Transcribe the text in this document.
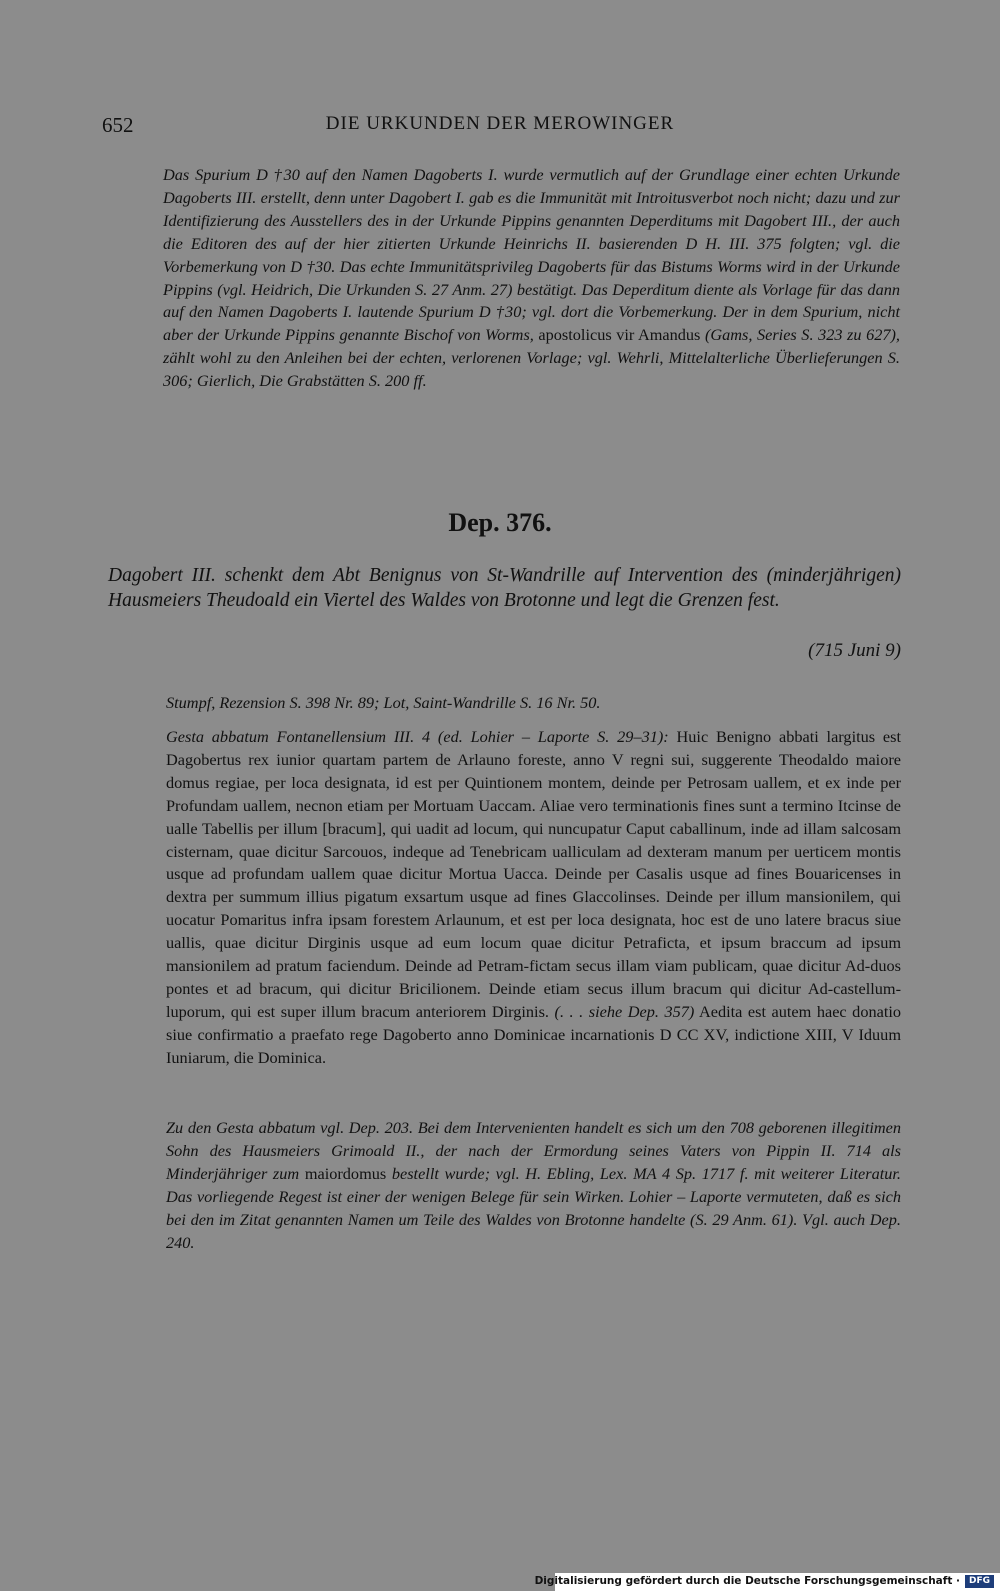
652	DIE URKUNDEN DER MEROWINGER
Das Spurium D †30 auf den Namen Dagoberts I. wurde vermutlich auf der Grundlage einer echten Urkunde Dagoberts III. erstellt, denn unter Dagobert I. gab es die Immunität mit Introitusverbot noch nicht; dazu und zur Identifizierung des Ausstellers des in der Urkunde Pippins genannten Deperditums mit Dagobert III., der auch die Editoren des auf der hier zitierten Urkunde Heinrichs II. basierenden D H. III. 375 folgten; vgl. die Vorbemerkung von D †30. Das echte Immunitätsprivileg Dagoberts für das Bistums Worms wird in der Urkunde Pippins (vgl. Heidrich, Die Urkunden S. 27 Anm. 27) bestätigt. Das Deperditum diente als Vorlage für das dann auf den Namen Dagoberts I. lautende Spurium D †30; vgl. dort die Vorbemerkung. Der in dem Spurium, nicht aber der Urkunde Pippins genannte Bischof von Worms, apostolicus vir Amandus (Gams, Series S. 323 zu 627), zählt wohl zu den Anleihen bei der echten, verlorenen Vorlage; vgl. Wehrli, Mittelalterliche Überlieferungen S. 306; Gierlich, Die Grabstätten S. 200 ff.
Dep. 376.
Dagobert III. schenkt dem Abt Benignus von St-Wandrille auf Intervention des (minderjährigen) Hausmeiers Theudoald ein Viertel des Waldes von Brotonne und legt die Grenzen fest.
(715 Juni 9)
Stumpf, Rezension S. 398 Nr. 89; Lot, Saint-Wandrille S. 16 Nr. 50.
Gesta abbatum Fontanellensium III. 4 (ed. Lohier – Laporte S. 29–31): Huic Benigno abbati largitus est Dagobertus rex iunior quartam partem de Arlauno foreste, anno V regni sui, suggerente Theodaldo maiore domus regiae, per loca designata, id est per Quintionem montem, deinde per Petrosam uallem, et ex inde per Profundam uallem, necnon etiam per Mortuam Uaccam. Aliae vero terminationis fines sunt a termino Itcinse de ualle Tabellis per illum [bracum], qui uadit ad locum, qui nuncupatur Caput caballinum, inde ad illam salcosam cisternam, quae dicitur Sarcouos, indeque ad Tenebricam ualliculam ad dexteram manum per uerticem montis usque ad profundam uallem quae dicitur Mortua Uacca. Deinde per Casalis usque ad fines Bouaricenses in dextra per summum illius pigatum exsartum usque ad fines Glaccolinses. Deinde per illum mansionilem, qui uocatur Pomaritus infra ipsam forestem Arlaunum, et est per loca designata, hoc est de uno latere bracus siue uallis, quae dicitur Dirginis usque ad eum locum quae dicitur Petraficta, et ipsum braccum ad ipsum mansionilem ad pratum faciendum. Deinde ad Petram-fictam secus illam viam publicam, quae dicitur Ad-duos pontes et ad bracum, qui dicitur Bricilionem. Deinde etiam secus illum bracum qui dicitur Ad-castellum-luporum, qui est super illum bracum anteriorem Dirginis. (. . . siehe Dep. 357) Aedita est autem haec donatio siue confirmatio a praefato rege Dagoberto anno Dominicae incarnationis D CC XV, indictione XIII, V Iduum Iuniarum, die Dominica.
Zu den Gesta abbatum vgl. Dep. 203. Bei dem Intervenienten handelt es sich um den 708 geborenen illegitimen Sohn des Hausmeiers Grimoald II., der nach der Ermordung seines Vaters von Pippin II. 714 als Minderjähriger zum maiordomus bestellt wurde; vgl. H. Ebling, Lex. MA 4 Sp. 1717 f. mit weiterer Literatur. Das vorliegende Regest ist einer der wenigen Belege für sein Wirken. Lohier – Laporte vermuteten, daß es sich bei den im Zitat genannten Namen um Teile des Waldes von Brotonne handelte (S. 29 Anm. 61). Vgl. auch Dep. 240.
Digitalisierung gefördert durch die Deutsche Forschungsgemeinschaft · DFG
